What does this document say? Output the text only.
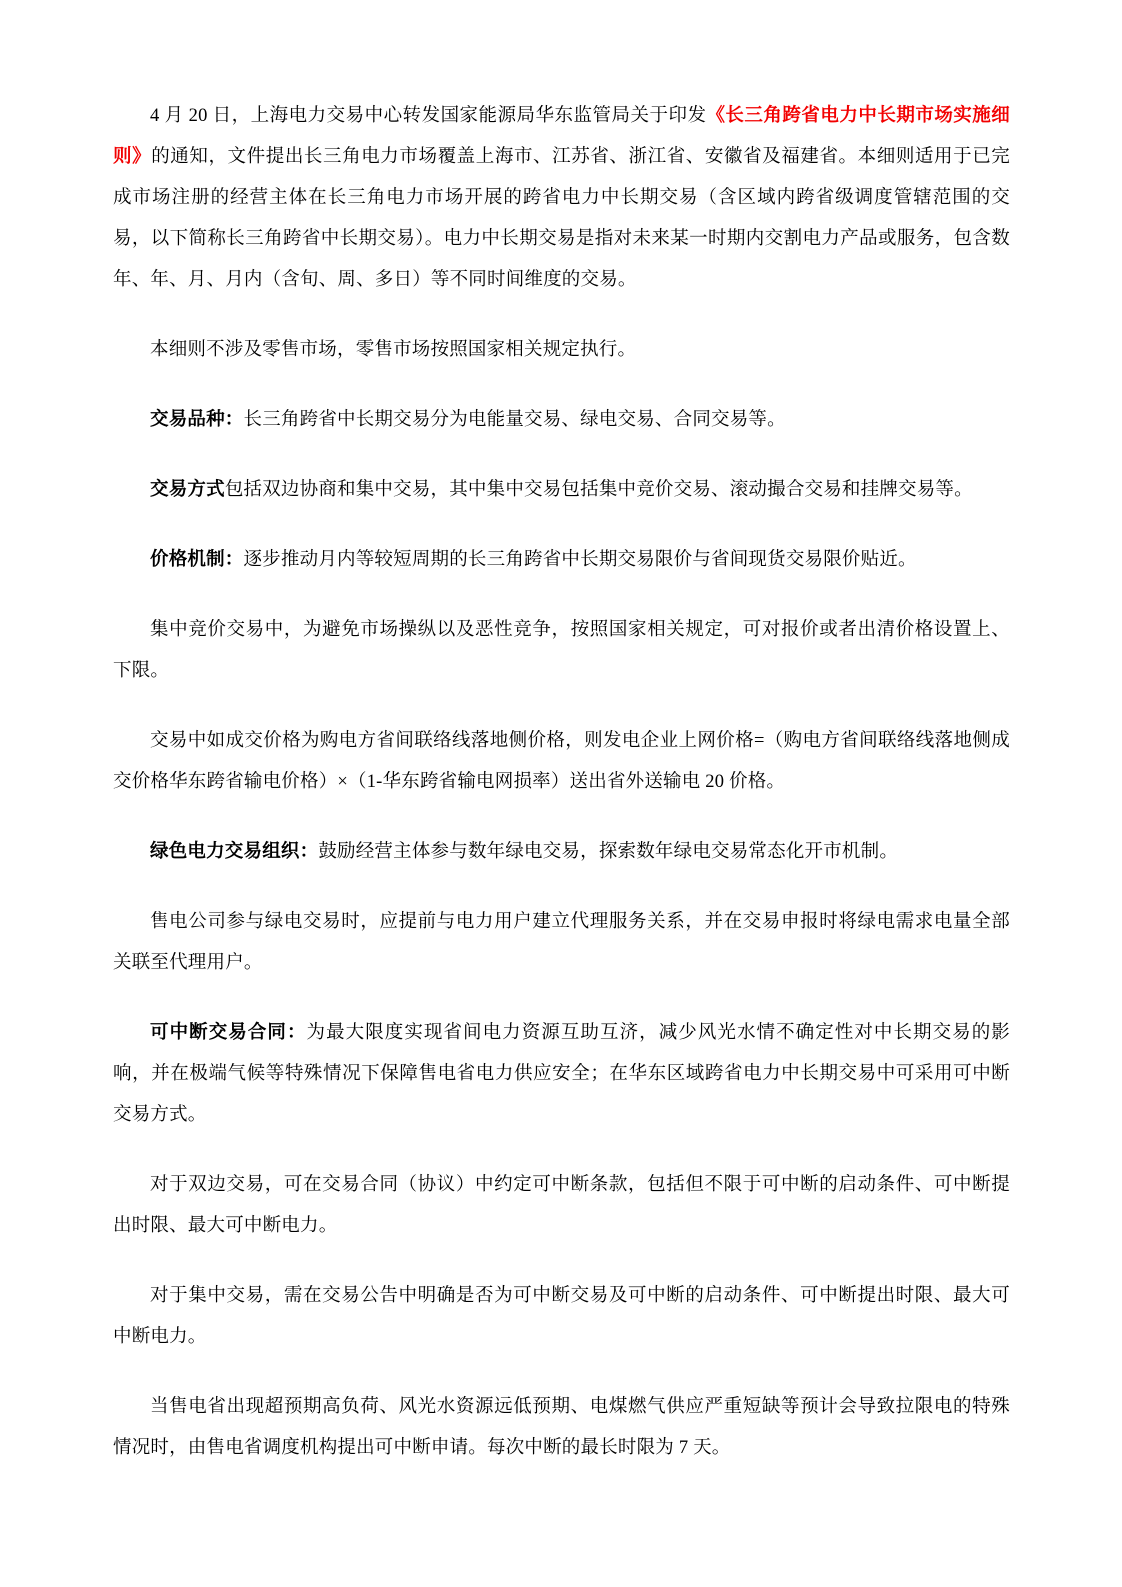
4 月 20 日，上海电力交易中心转发国家能源局华东监管局关于印发《长三角跨省电力中长期市场实施细则》的通知，文件提出长三角电力市场覆盖上海市、江苏省、浙江省、安徽省及福建省。本细则适用于已完成市场注册的经营主体在长三角电力市场开展的跨省电力中长期交易（含区域内跨省级调度管辖范围的交易，以下简称长三角跨省中长期交易）。电力中长期交易是指对未来某一时期内交割电力产品或服务，包含数年、年、月、月内（含旬、周、多日）等不同时间维度的交易。

本细则不涉及零售市场，零售市场按照国家相关规定执行。

交易品种：长三角跨省中长期交易分为电能量交易、绿电交易、合同交易等。

交易方式包括双边协商和集中交易，其中集中交易包括集中竞价交易、滚动撮合交易和挂牌交易等。

价格机制：逐步推动月内等较短周期的长三角跨省中长期交易限价与省间现货交易限价贴近。

集中竞价交易中，为避免市场操纵以及恶性竞争，按照国家相关规定，可对报价或者出清价格设置上、下限。

交易中如成交价格为购电方省间联络线落地侧价格，则发电企业上网价格=（购电方省间联络线落地侧成交价格华东跨省输电价格）×（1-华东跨省输电网损率）送出省外送输电 20 价格。

绿色电力交易组织：鼓励经营主体参与数年绿电交易，探索数年绿电交易常态化开市机制。

售电公司参与绿电交易时，应提前与电力用户建立代理服务关系，并在交易申报时将绿电需求电量全部关联至代理用户。

可中断交易合同：为最大限度实现省间电力资源互助互济，减少风光水情不确定性对中长期交易的影响，并在极端气候等特殊情况下保障售电省电力供应安全；在华东区域跨省电力中长期交易中可采用可中断交易方式。

对于双边交易，可在交易合同（协议）中约定可中断条款，包括但不限于可中断的启动条件、可中断提出时限、最大可中断电力。

对于集中交易，需在交易公告中明确是否为可中断交易及可中断的启动条件、可中断提出时限、最大可中断电力。

当售电省出现超预期高负荷、风光水资源远低预期、电煤燃气供应严重短缺等预计会导致拉限电的特殊情况时，由售电省调度机构提出可中断申请。每次中断的最长时限为 7 天。
